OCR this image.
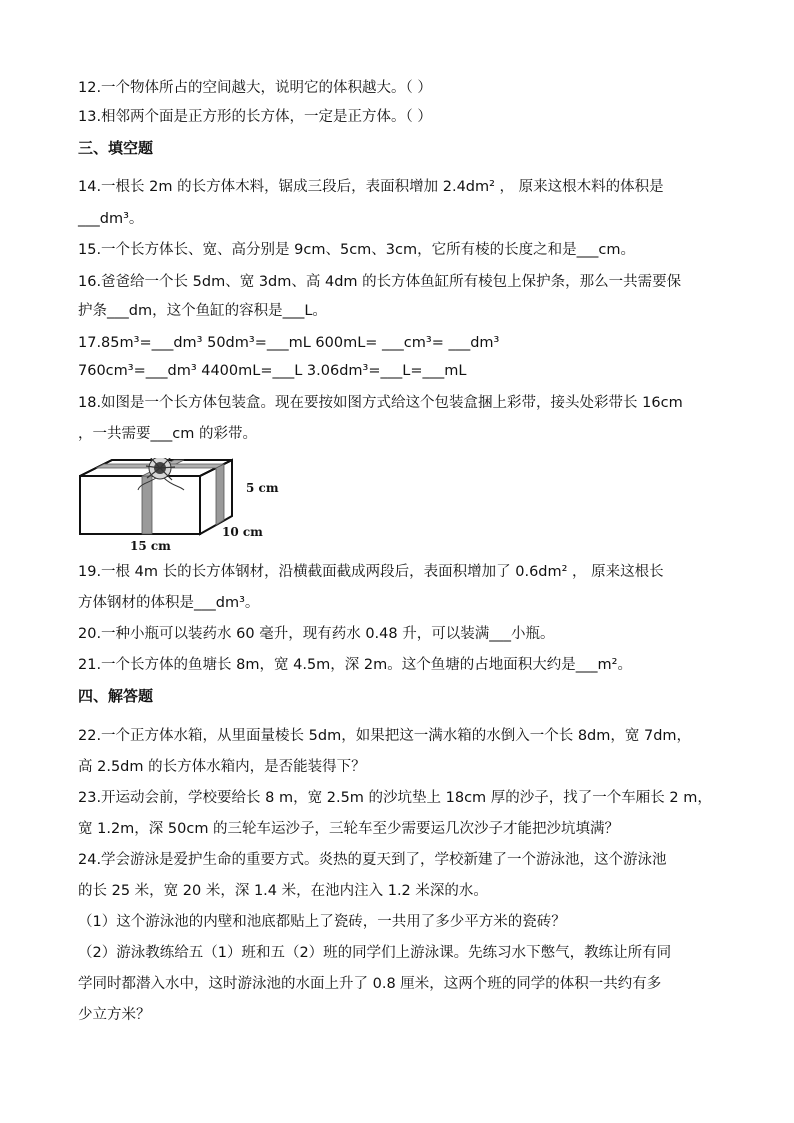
12.一个物体所占的空间越大，说明它的体积越大。（ ）
13.相邻两个面是正方形的长方体，一定是正方体。（ ）
三、填空题
14.一根长 2m 的长方体木料，锯成三段后，表面积增加 2.4dm² ， 原来这根木料的体积是
___dm³。
15.一个长方体长、宽、高分别是 9cm、5cm、3cm，它所有棱的长度之和是___cm。
16.爸爸给一个长 5dm、宽 3dm、高 4dm 的长方体鱼缸所有棱包上保护条，那么一共需要保
护条___dm，这个鱼缸的容积是___L。
17.85m³=___dm³ 50dm³=___mL 600mL= ___cm³= ___dm³
760cm³=___dm³ 4400mL=___L 3.06dm³=___L=___mL
18.如图是一个长方体包装盒。现在要按如图方式给这个包装盒捆上彩带，接头处彩带长 16cm
，一共需要___cm 的彩带。
5 cm
10 cm
15 cm
19.一根 4m 长的长方体钢材，沿横截面截成两段后，表面积增加了 0.6dm² ， 原来这根长
方体钢材的体积是___dm³。
20.一种小瓶可以装药水 60 毫升，现有药水 0.48 升，可以装满___小瓶。
21.一个长方体的鱼塘长 8m，宽 4.5m，深 2m。这个鱼塘的占地面积大约是___m²。
四、解答题
22.一个正方体水箱，从里面量棱长 5dm，如果把这一满水箱的水倒入一个长 8dm，宽 7dm，
高 2.5dm 的长方体水箱内，是否能装得下？
23.开运动会前，学校要给长 8 m，宽 2.5m 的沙坑垫上 18cm 厚的沙子，找了一个车厢长 2 m，
宽 1.2m，深 50cm 的三轮车运沙子，三轮车至少需要运几次沙子才能把沙坑填满？
24.学会游泳是爱护生命的重要方式。炎热的夏天到了，学校新建了一个游泳池，这个游泳池
的长 25 米，宽 20 米，深 1.4 米，在池内注入 1.2 米深的水。
（1）这个游泳池的内壁和池底都贴上了瓷砖，一共用了多少平方米的瓷砖？
（2）游泳教练给五（1）班和五（2）班的同学们上游泳课。先练习水下憋气，教练让所有同
学同时都潜入水中，这时游泳池的水面上升了 0.8 厘米，这两个班的同学的体积一共约有多
少立方米？
